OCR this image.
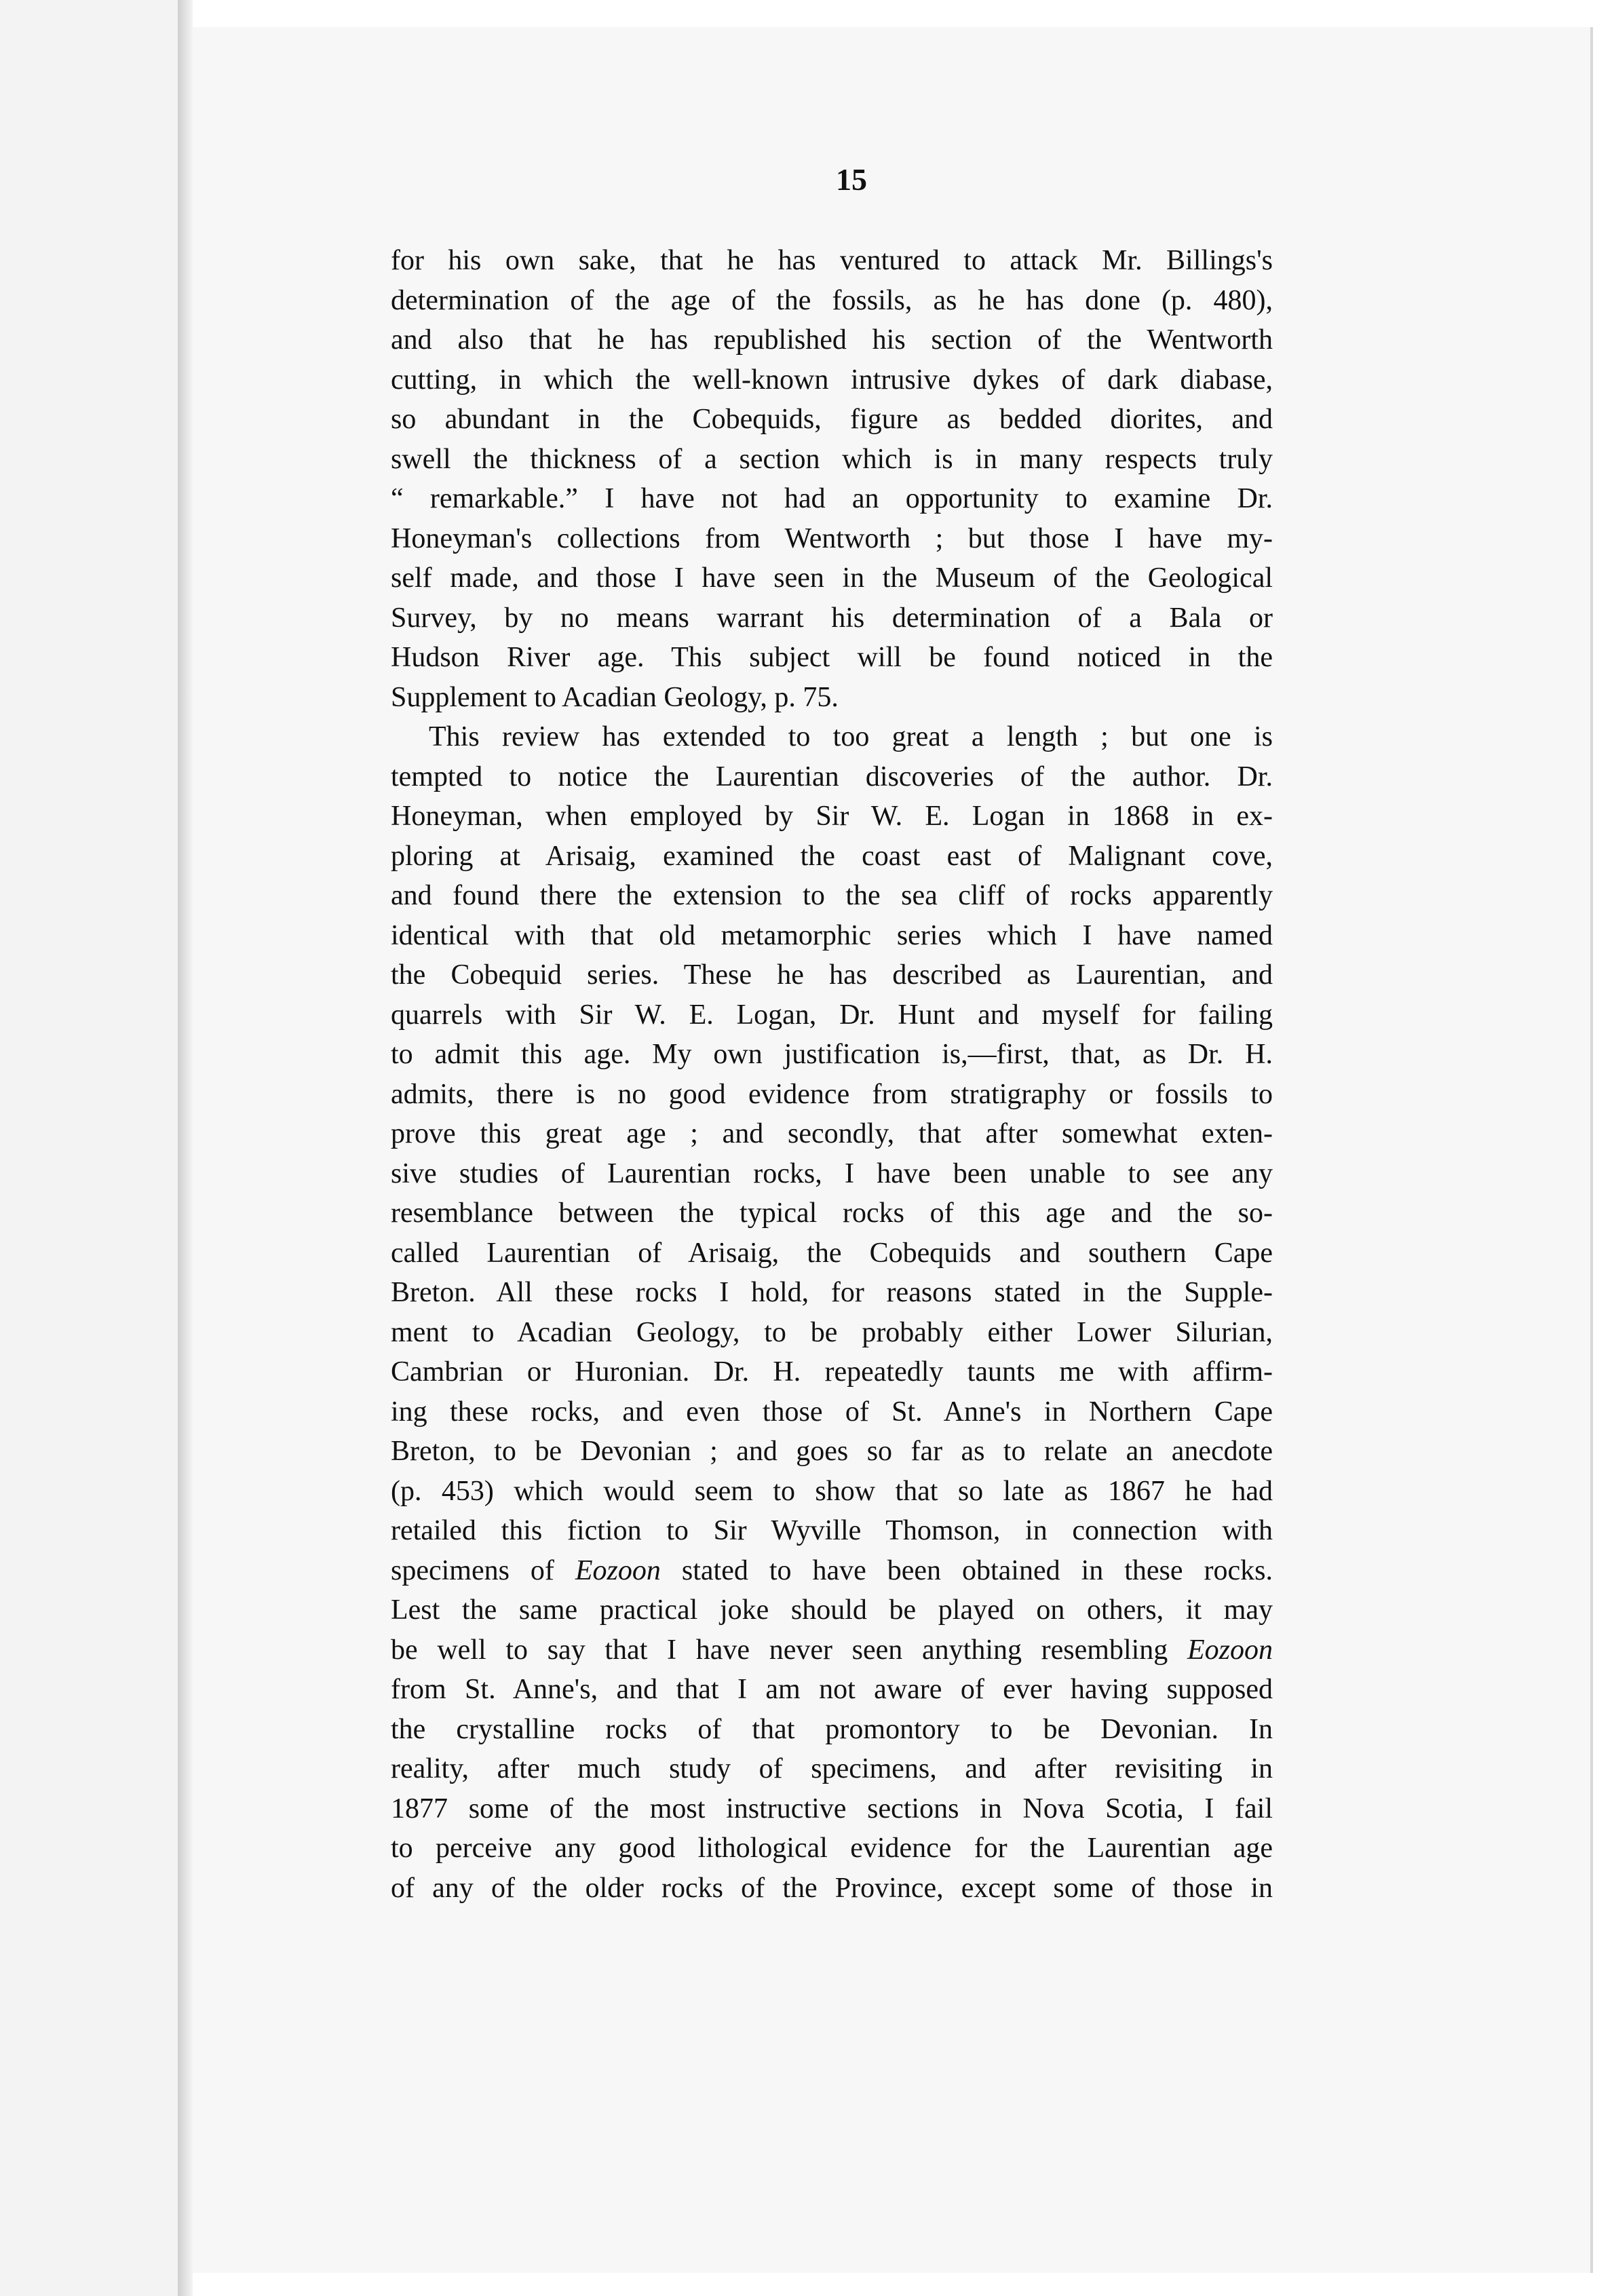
15
for his own sake, that he has ventured to attack Mr. Billings's
determination of the age of the fossils, as he has done (p. 480),
and also that he has republished his section of the Wentworth
cutting, in which the well-known intrusive dykes of dark diabase,
so abundant in the Cobequids, figure as bedded diorites, and
swell the thickness of a section which is in many respects truly
“ remarkable.” I have not had an opportunity to examine Dr.
Honeyman's collections from Wentworth ; but those I have my-
self made, and those I have seen in the Museum of the Geological
Survey, by no means warrant his determination of a Bala or
Hudson River age. This subject will be found noticed in the
Supplement to Acadian Geology, p. 75.
This review has extended to too great a length ; but one is
tempted to notice the Laurentian discoveries of the author. Dr.
Honeyman, when employed by Sir W. E. Logan in 1868 in ex-
ploring at Arisaig, examined the coast east of Malignant cove,
and found there the extension to the sea cliff of rocks apparently
identical with that old metamorphic series which I have named
the Cobequid series. These he has described as Laurentian, and
quarrels with Sir W. E. Logan, Dr. Hunt and myself for failing
to admit this age. My own justification is,—first, that, as Dr. H.
admits, there is no good evidence from stratigraphy or fossils to
prove this great age ; and secondly, that after somewhat exten-
sive studies of Laurentian rocks, I have been unable to see any
resemblance between the typical rocks of this age and the so-
called Laurentian of Arisaig, the Cobequids and southern Cape
Breton. All these rocks I hold, for reasons stated in the Supple-
ment to Acadian Geology, to be probably either Lower Silurian,
Cambrian or Huronian. Dr. H. repeatedly taunts me with affirm-
ing these rocks, and even those of St. Anne's in Northern Cape
Breton, to be Devonian ; and goes so far as to relate an anecdote
(p. 453) which would seem to show that so late as 1867 he had
retailed this fiction to Sir Wyville Thomson, in connection with
specimens of Eozoon stated to have been obtained in these rocks.
Lest the same practical joke should be played on others, it may
be well to say that I have never seen anything resembling Eozoon
from St. Anne's, and that I am not aware of ever having supposed
the crystalline rocks of that promontory to be Devonian. In
reality, after much study of specimens, and after revisiting in
1877 some of the most instructive sections in Nova Scotia, I fail
to perceive any good lithological evidence for the Laurentian age
of any of the older rocks of the Province, except some of those in
